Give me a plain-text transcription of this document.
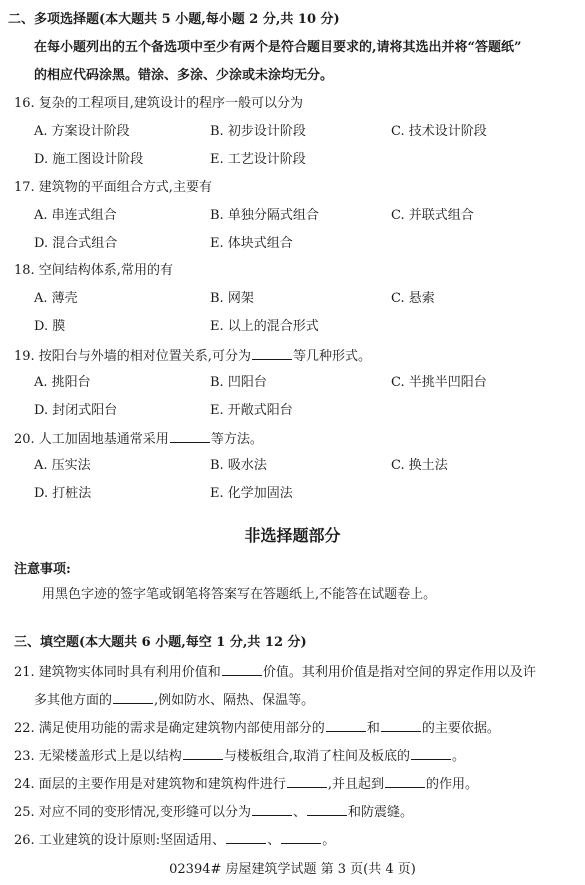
二、多项选择题(本大题共 5 小题,每小题 2 分,共 10 分)
在每小题列出的五个备选项中至少有两个是符合题目要求的,请将其选出并将“答题纸”
的相应代码涂黑。错涂、多涂、少涂或未涂均无分。
16. 复杂的工程项目,建筑设计的程序一般可以分为
A. 方案设计阶段	B. 初步设计阶段	C. 技术设计阶段
D. 施工图设计阶段	E. 工艺设计阶段
17. 建筑物的平面组合方式,主要有
A. 串连式组合	B. 单独分隔式组合	C. 并联式组合
D. 混合式组合	E. 体块式组合
18. 空间结构体系,常用的有
A. 薄壳	B. 网架	C. 悬索
D. 膜	E. 以上的混合形式
19. 按阳台与外墙的相对位置关系,可分为	等几种形式。
A. 挑阳台	B. 凹阳台	C. 半挑半凹阳台
D. 封闭式阳台	E. 开敞式阳台
20. 人工加固地基通常采用	等方法。
A. 压实法	B. 吸水法	C. 换土法
D. 打桩法	E. 化学加固法
非选择题部分
注意事项:
用黑色字迹的签字笔或钢笔将答案写在答题纸上,不能答在试题卷上。
三、填空题(本大题共 6 小题,每空 1 分,共 12 分)
21. 建筑物实体同时具有利用价值和	价值。其利用价值是指对空间的界定作用以及许
多其他方面的	,例如防水、隔热、保温等。
22. 满足使用功能的需求是确定建筑物内部使用部分的	和	的主要依据。
23. 无梁楼盖形式上是以结构	与楼板组合,取消了柱间及板底的	。
24. 面层的主要作用是对建筑物和建筑构件进行	,并且起到	的作用。
25. 对应不同的变形情况,变形缝可以分为	、	和防震缝。
26. 工业建筑的设计原则:坚固适用、	、	。
02394# 房屋建筑学试题 第 3 页(共 4 页)
